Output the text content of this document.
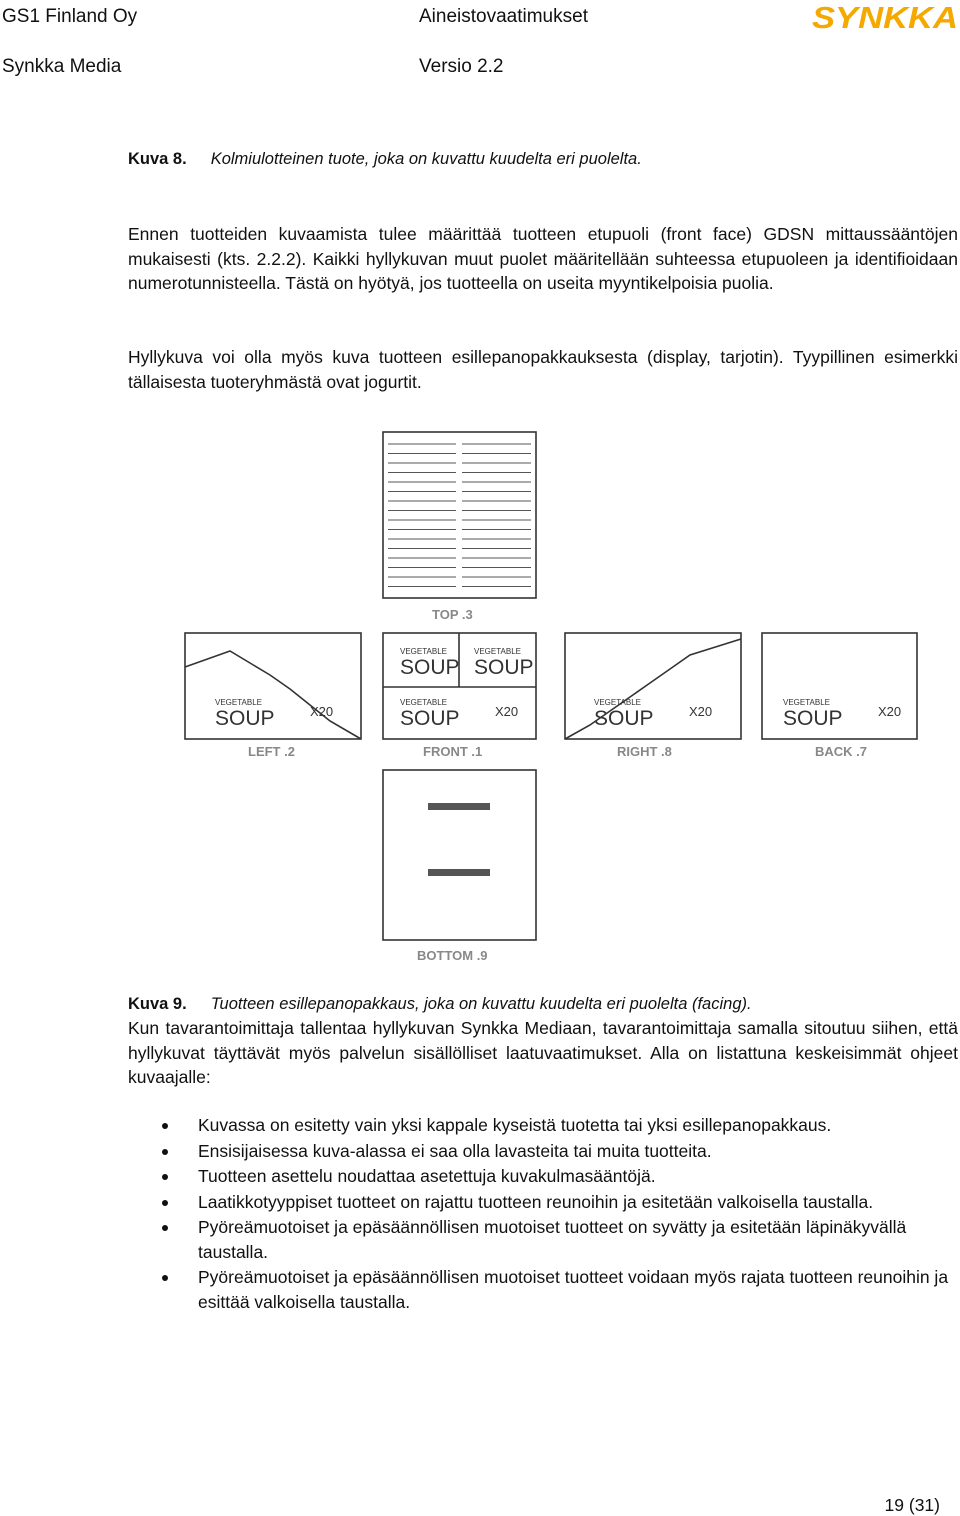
GS1 Finland Oy	Aineistovaatimukset
Synkka Media	Versio 2.2
SYNKKA
Kuva 8. Kolmiulotteinen tuote, joka on kuvattu kuudelta eri puolelta.
Ennen tuotteiden kuvaamista tulee määrittää tuotteen etupuoli (front face) GDSN mittaussääntöjen mukaisesti (kts. 2.2.2). Kaikki hyllykuvan muut puolet määritellään suhteessa etupuoleen ja identifioidaan numerotunnisteella. Tästä on hyötyä, jos tuotteella on useita myyntikelpoisia puolia.
Hyllykuva voi olla myös kuva tuotteen esillepanopakkauksesta (display, tarjotin). Tyypillinen esimerkki tällaisesta tuoteryhmästä ovat jogurtit.
VEGETABLE
SOUP
VEGETABLE
SOUP
VEGETABLE
SOUP	X20
VEGETABLE
SOUP	X20
VEGETABLE
SOUP	X20
VEGETABLE
SOUP	X20
TOP .3
LEFT .2	FRONT .1	RIGHT .8	BACK .7
BOTTOM .9
Kuva 9. Tuotteen esillepanopakkaus, joka on kuvattu kuudelta eri puolelta (facing).
Kun tavarantoimittaja tallentaa hyllykuvan Synkka Mediaan, tavarantoimittaja samalla sitoutuu siihen, että hyllykuvat täyttävät myös palvelun sisällölliset laatuvaatimukset. Alla on listattuna keskeisimmät ohjeet kuvaajalle:
Kuvassa on esitetty vain yksi kappale kyseistä tuotetta tai yksi esillepanopakkaus.
Ensisijaisessa kuva-alassa ei saa olla lavasteita tai muita tuotteita.
Tuotteen asettelu noudattaa asetettuja kuvakulmasääntöjä.
Laatikkotyyppiset tuotteet on rajattu tuotteen reunoihin ja esitetään valkoisella taustalla.
Pyöreämuotoiset ja epäsäännöllisen muotoiset tuotteet on syvätty ja esitetään läpinäkyvällä taustalla.
Pyöreämuotoiset ja epäsäännöllisen muotoiset tuotteet voidaan myös rajata tuotteen reunoihin ja esittää valkoisella taustalla.
19 (31)
